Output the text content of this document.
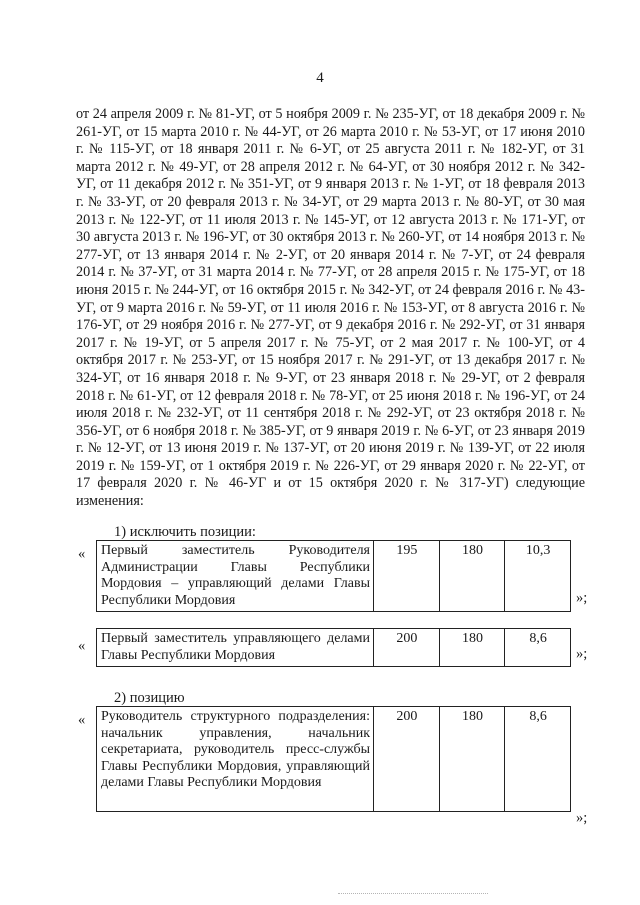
4
от 24 апреля 2009 г. № 81-УГ, от 5 ноября 2009 г. № 235-УГ, от 18 декабря 2009 г. № 261-УГ, от 15 марта 2010 г. № 44-УГ, от 26 марта 2010 г. № 53-УГ, от 17 июня 2010 г. № 115-УГ, от 18 января 2011 г. № 6-УГ, от 25 августа 2011 г. № 182-УГ, от 31 марта 2012 г. № 49-УГ, от 28 апреля 2012 г. № 64-УГ, от 30 ноября 2012 г. № 342-УГ, от 11 декабря 2012 г. № 351-УГ, от 9 января 2013 г. № 1-УГ, от 18 февраля 2013 г. № 33-УГ, от 20 февраля 2013 г. № 34-УГ, от 29 марта 2013 г. № 80-УГ, от 30 мая 2013 г. № 122-УГ, от 11 июля 2013 г. № 145-УГ, от 12 августа 2013 г. № 171-УГ, от 30 августа 2013 г. № 196-УГ, от 30 октября 2013 г. № 260-УГ, от 14 ноября 2013 г. № 277-УГ, от 13 января 2014 г. № 2-УГ, от 20 января 2014 г. № 7-УГ, от 24 февраля 2014 г. № 37-УГ, от 31 марта 2014 г. № 77-УГ, от 28 апреля 2015 г. № 175-УГ, от 18 июня 2015 г. № 244-УГ, от 16 октября 2015 г. № 342-УГ, от 24 февраля 2016 г. № 43-УГ, от 9 марта 2016 г. № 59-УГ, от 11 июля 2016 г. № 153-УГ, от 8 августа 2016 г. № 176-УГ, от 29 ноября 2016 г. № 277-УГ, от 9 декабря 2016 г. № 292-УГ, от 31 января 2017 г. № 19-УГ, от 5 апреля 2017 г. № 75-УГ, от 2 мая 2017 г. № 100-УГ, от 4 октября 2017 г. № 253-УГ, от 15 ноября 2017 г. № 291-УГ, от 13 декабря 2017 г. № 324-УГ, от 16 января 2018 г. № 9-УГ, от 23 января 2018 г. № 29-УГ, от 2 февраля 2018 г. № 61-УГ, от 12 февраля 2018 г. № 78-УГ, от 25 июня 2018 г. № 196-УГ, от 24 июля 2018 г. № 232-УГ, от 11 сентября 2018 г. № 292-УГ, от 23 октября 2018 г. № 356-УГ, от 6 ноября 2018 г. № 385-УГ, от 9 января 2019 г. № 6-УГ, от 23 января 2019 г. № 12-УГ, от 13 июня 2019 г. № 137-УГ, от 20 июня 2019 г. № 139-УГ, от 22 июля 2019 г. № 159-УГ, от 1 октября 2019 г. № 226-УГ, от 29 января 2020 г. № 22-УГ, от 17 февраля 2020 г. № 46-УГ и от 15 октября 2020 г. № 317-УГ) следующие изменения:
1) исключить позиции:
« Первый заместитель Руководителя Администрации Главы Республики Мордовия – управляющий делами Главы Республики Мордовия	195	180	10,3
»;
« Первый заместитель управляющего делами Главы Республики Мордовия	200	180	8,6
»;
2) позицию
« Руководитель структурного подразделения: начальник управления, начальник секретариата, руководитель пресс-службы Главы Республики Мордовия, управляющий делами Главы Республики Мордовия	200	180	8,6
»;
